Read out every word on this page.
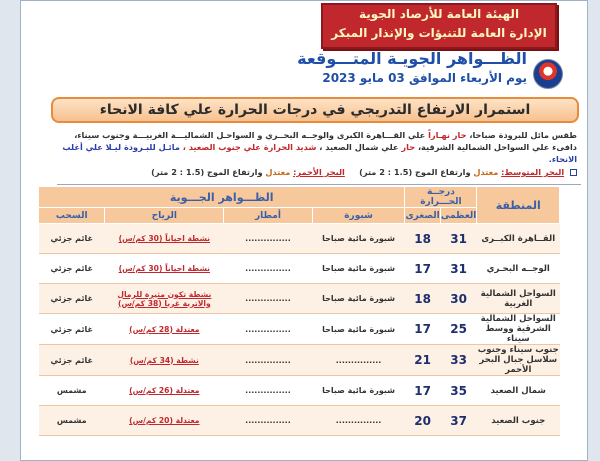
الهيئة العامة للأرصاد الجوية
الإدارة العامة للتنبؤات والإنذار المبكر
الظـــواهر الجويـة المتـــوقعة
يوم الأربعاء الموافق 03 مايو 2023
استمرار الارتفاع التدريجي في درجات الحرارة علي كافة الانحاء
طقس مائل للبرودة صباحا، حار نهـاراً علي القـــاهرة الكبرى والوجــه البحــري و السواحـل الشماليـــة الغربيـــة وجنوب سيناء،
دافىء علي السواحل الشمالية الشرقية، حار علي شمال الصعيد ، شديد الحرارة علي جنوب الصعيد ، مائـل للبـرودة ليـلا علي أغلب الانحاء.
البحر المتوسط: معتدل وارتفاع الموج (1.5 : 2 متر)     البحر الأحمر: معتدل وارتفاع الموج (1.5 : 2 متر)
المنطقة	درجــة الحـــرارة		الظـــواهر الجـــوية			
	العظمى	الصغرى	شبورة	أمطار	الرياح	السحب
القــاهرة الكبــرى	31	18	شبورة مائية صباحا	...............	نشطة احياناً (30 كم/س)	غائم جزئي
الوجــه البحـري	31	17	شبورة مائية صباحا	...............	نشطة احياناً (30 كم/س)	غائم جزئي
السواحل الشمالية الغربية	30	18	شبورة مائية صباحا	...............	نشطة تكون مثيرة للرمال والاتربة غربا (38 كم/س)	غائم جزئي
السواحل الشمالية الشرقية ووسط سيناء	25	17	شبورة مائية صباحا	...............	معتدلة (28 كم/س)	غائم جزئي
جنوب سيناء وجنوب سلاسل جبال البحر الأحمر	33	21	...............	...............	نشطة (34 كم/س)	غائم جزئي
شمال الصعيد	35	17	شبورة مائية صباحا	...............	معتدلة (26 كم/س)	مشمس
جنوب الصعيد	37	20	...............	...............	معتدلة (20 كم/س)	مشمس
